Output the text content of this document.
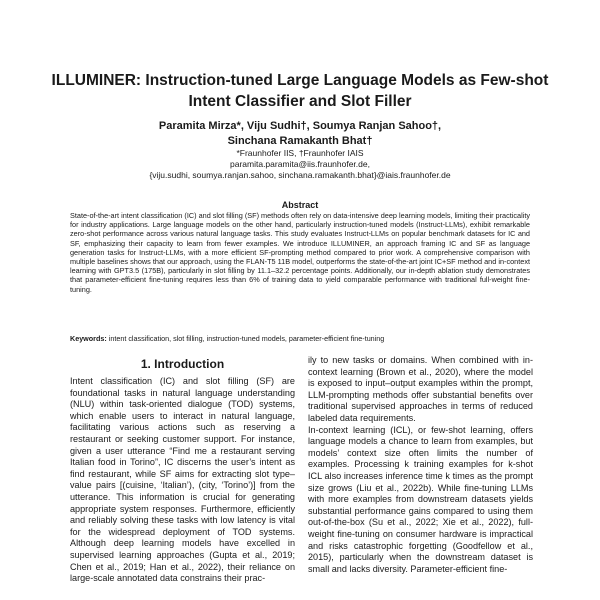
ILLUMINER: Instruction-tuned Large Language Models as Few-shot
Intent Classifier and Slot Filler
Paramita Mirza*, Viju Sudhi†, Soumya Ranjan Sahoo†,
Sinchana Ramakanth Bhat†
*Fraunhofer IIS, †Fraunhofer IAIS
paramita.paramita@iis.fraunhofer.de,
{viju.sudhi, soumya.ranjan.sahoo, sinchana.ramakanth.bhat}@iais.fraunhofer.de
Abstract

State-of-the-art intent classification (IC) and slot filling (SF) methods often rely on data-intensive deep learning models, limiting their practicality for industry applications. Large language models on the other hand, particularly instruction-tuned models (Instruct-LLMs), exhibit remarkable zero-shot performance across various natural language tasks. This study evaluates Instruct-LLMs on popular benchmark datasets for IC and SF, emphasizing their capacity to learn from fewer examples. We introduce ILLUMINER, an approach framing IC and SF as language generation tasks for Instruct-LLMs, with a more efficient SF-prompting method compared to prior work. A comprehensive comparison with multiple baselines shows that our approach, using the FLAN-T5 11B model, outperforms the state-of-the-art joint IC+SF method and in-context learning with GPT3.5 (175B), particularly in slot filling by 11.1–32.2 percentage points. Additionally, our in-depth ablation study demonstrates that parameter-efficient fine-tuning requires less than 6% of training data to yield comparable performance with traditional full-weight fine-tuning.

Keywords: intent classification, slot filling, instruction-tuned models, parameter-efficient fine-tuning

1. Introduction

Intent classification (IC) and slot filling (SF) are foundational tasks in natural language understanding (NLU) within task-oriented dialogue (TOD) systems, which enable users to interact in natural language, facilitating various actions such as reserving a restaurant or seeking customer support. For instance, given a user utterance “Find me a restaurant serving Italian food in Torino”, IC discerns the user’s intent as find restaurant, while SF aims for extracting slot type–value pairs [(cuisine, ‘Italian’), (city, ‘Torino’)] from the utterance. This information is crucial for generating appropriate system responses. Furthermore, efficiently and reliably solving these tasks with low latency is vital for the widespread deployment of TOD systems. Although deep learning models have excelled in supervised learning approaches (Gupta et al., 2019; Chen et al., 2019; Han et al., 2022), their reliance on large-scale annotated data constrains their prac-

ily to new tasks or domains. When combined with in-context learning (Brown et al., 2020), where the model is exposed to input–output examples within the prompt, LLM-prompting methods offer substantial benefits over traditional supervised approaches in terms of reduced labeled data requirements.

In-context learning (ICL), or few-shot learning, offers language models a chance to learn from examples, but models’ context size often limits the number of examples. Processing k training examples for k-shot ICL also increases inference time k times as the prompt size grows (Liu et al., 2022b). While fine-tuning LLMs with more examples from downstream datasets yields substantial performance gains compared to using them out-of-the-box (Su et al., 2022; Xie et al., 2022), full-weight fine-tuning on consumer hardware is impractical and risks catastrophic forgetting (Goodfellow et al., 2015), particularly when the downstream dataset is small and lacks diversity. Parameter-efficient fine-
